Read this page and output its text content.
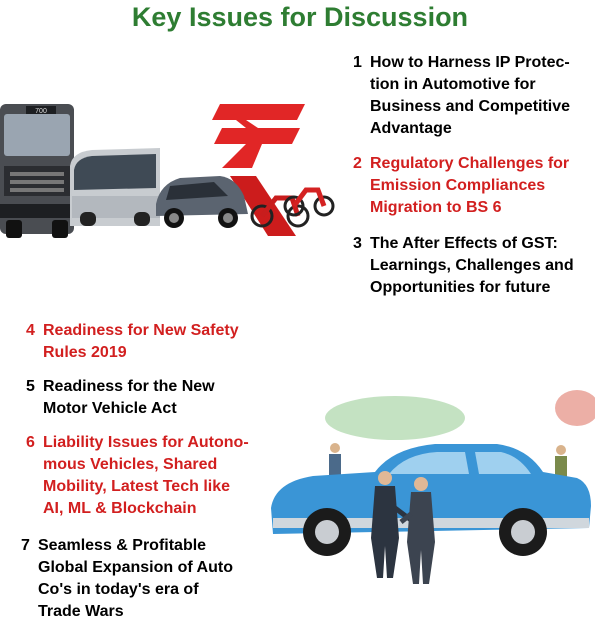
Key Issues for Discussion
700
1 How to Harness IP Protec-
tion in Automotive for
Business and Competitive
Advantage
2 Regulatory Challenges for
Emission Compliances
Migration to BS 6
3 The After Effects of GST:
Learnings, Challenges and
Opportunities for future
4 Readiness for New Safety
Rules 2019
5 Readiness for the New
Motor Vehicle Act
6 Liability Issues for Autono-
mous Vehicles, Shared
Mobility, Latest Tech like
AI, ML & Blockchain
7 Seamless & Profitable
Global Expansion of Auto
Co's in today's era of
Trade Wars
